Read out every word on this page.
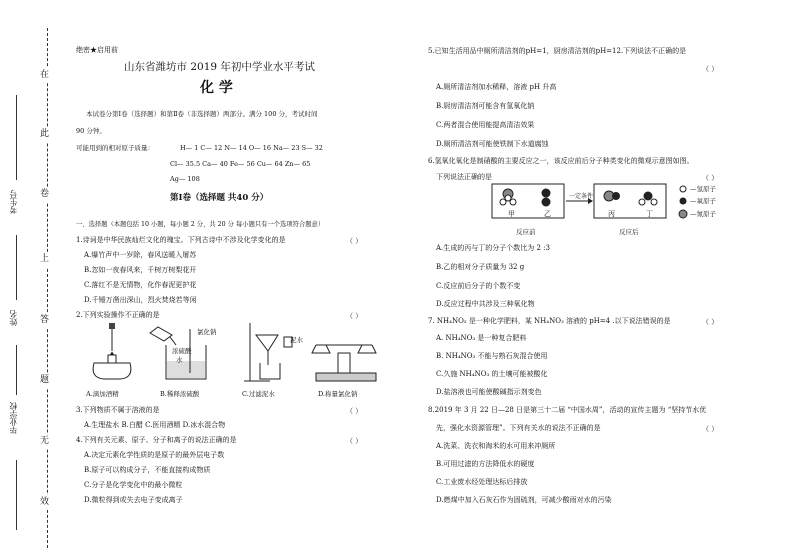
在
此
卷
上
答
题
无
效
考生号
姓名
毕业学校
绝密★启用前
山东省潍坊市 2019 年初中学业水平考试
化 学
本试卷分第Ⅰ卷（选择题）和第Ⅱ卷（非选择题）两部分。满分 100 分，考试时间
90 分钟。
可能用到的相对原子质量：	H— 1 C— 12 N— 14 O— 16 Na— 23 S— 32
Cl— 35.5 Ca— 40 Fe— 56 Cu— 64 Zn— 65
Ag— 108
第Ⅰ卷（选择题 共40 分）
一、选择题（本题包括 10 小题，每小题 2 分，共 20 分 每小题只有一个选项符合题意）
1.诗词是中华民族灿烂文化的瑰宝。下列古诗中不涉及化学变化的是	（ ）
A.爆竹声中一岁除，春风送暖入屠苏
B.忽如一夜春风来，千树万树梨花开
C.落红不是无情物，化作春泥更护花
D.千锤万凿出深山，烈火焚烧若等闲
2.下列实验操作不正确的是	（ ）
氯化钠
浓硫酸
水
泥水
A.滴加酒精	B.稀释浓硫酸	C.过滤泥水	D.称量氯化钠
3.下列物质不属于溶液的是	（ ）
A.生理盐水 B.白醋 C.医用酒精 D.冰水混合物
4.下列有关元素、原子、分子和离子的说法正确的是	（ ）
A.决定元素化学性质的是原子的最外层电子数
B.原子可以构成分子，不能直接构成物质
C.分子是化学变化中的最小微粒
D.微粒得到或失去电子变成离子
5.已知生活用品中厕所清洁剂的pH=1，厨房清洁剂的pH=12.下列说法不正确的是
（ ）
A.厕所清洁剂加水稀释，溶液 pH 升高
B.厨房清洁剂可能含有氢氧化钠
C.两者混合使用能提高清洁效果
D.厕所清洁剂可能使铁制下水道腐蚀
6.氢氧化氧化是制硝酸的主要反应之一，该反应前后分子种类变化的微观示意图如图。
下列说法正确的是	（ ）
一定条件
甲	乙	丙	丁
反应前	反应后
—氢原子
—氧原子
—氮原子
A.生成的丙与丁的分子个数比为 2 :3
B.乙的相对分子质量为 32 g
C.反应前后分子的个数不变
D.反应过程中共涉及三种氧化物
7. NH₄NO₃ 是一种化学肥料，某 NH₄NO₃ 溶液的 pH=4 .以下说法错误的是	（ ）
A. NH₄NO₃ 是一种复合肥料
B. NH₄NO₃ 不能与熟石灰混合使用
C.久施 NH₄NO₃ 的土壤可能被酸化
D.盐溶液也可能使酸碱指示剂变色
8.2019 年 3 月 22 日—28 日是第三十二届 “中国水周”，活动的宣传主题为 “坚持节水优
先，强化水资源管理”。下列有关水的说法不正确的是	（ ）
A.洗菜、洗衣和淘米的水可用来冲厕所
B.可用过滤的方法降低水的硬度
C.工业废水经处理达标后排放
D.燃煤中加入石灰石作为固硫剂，可减少酸雨对水的污染
